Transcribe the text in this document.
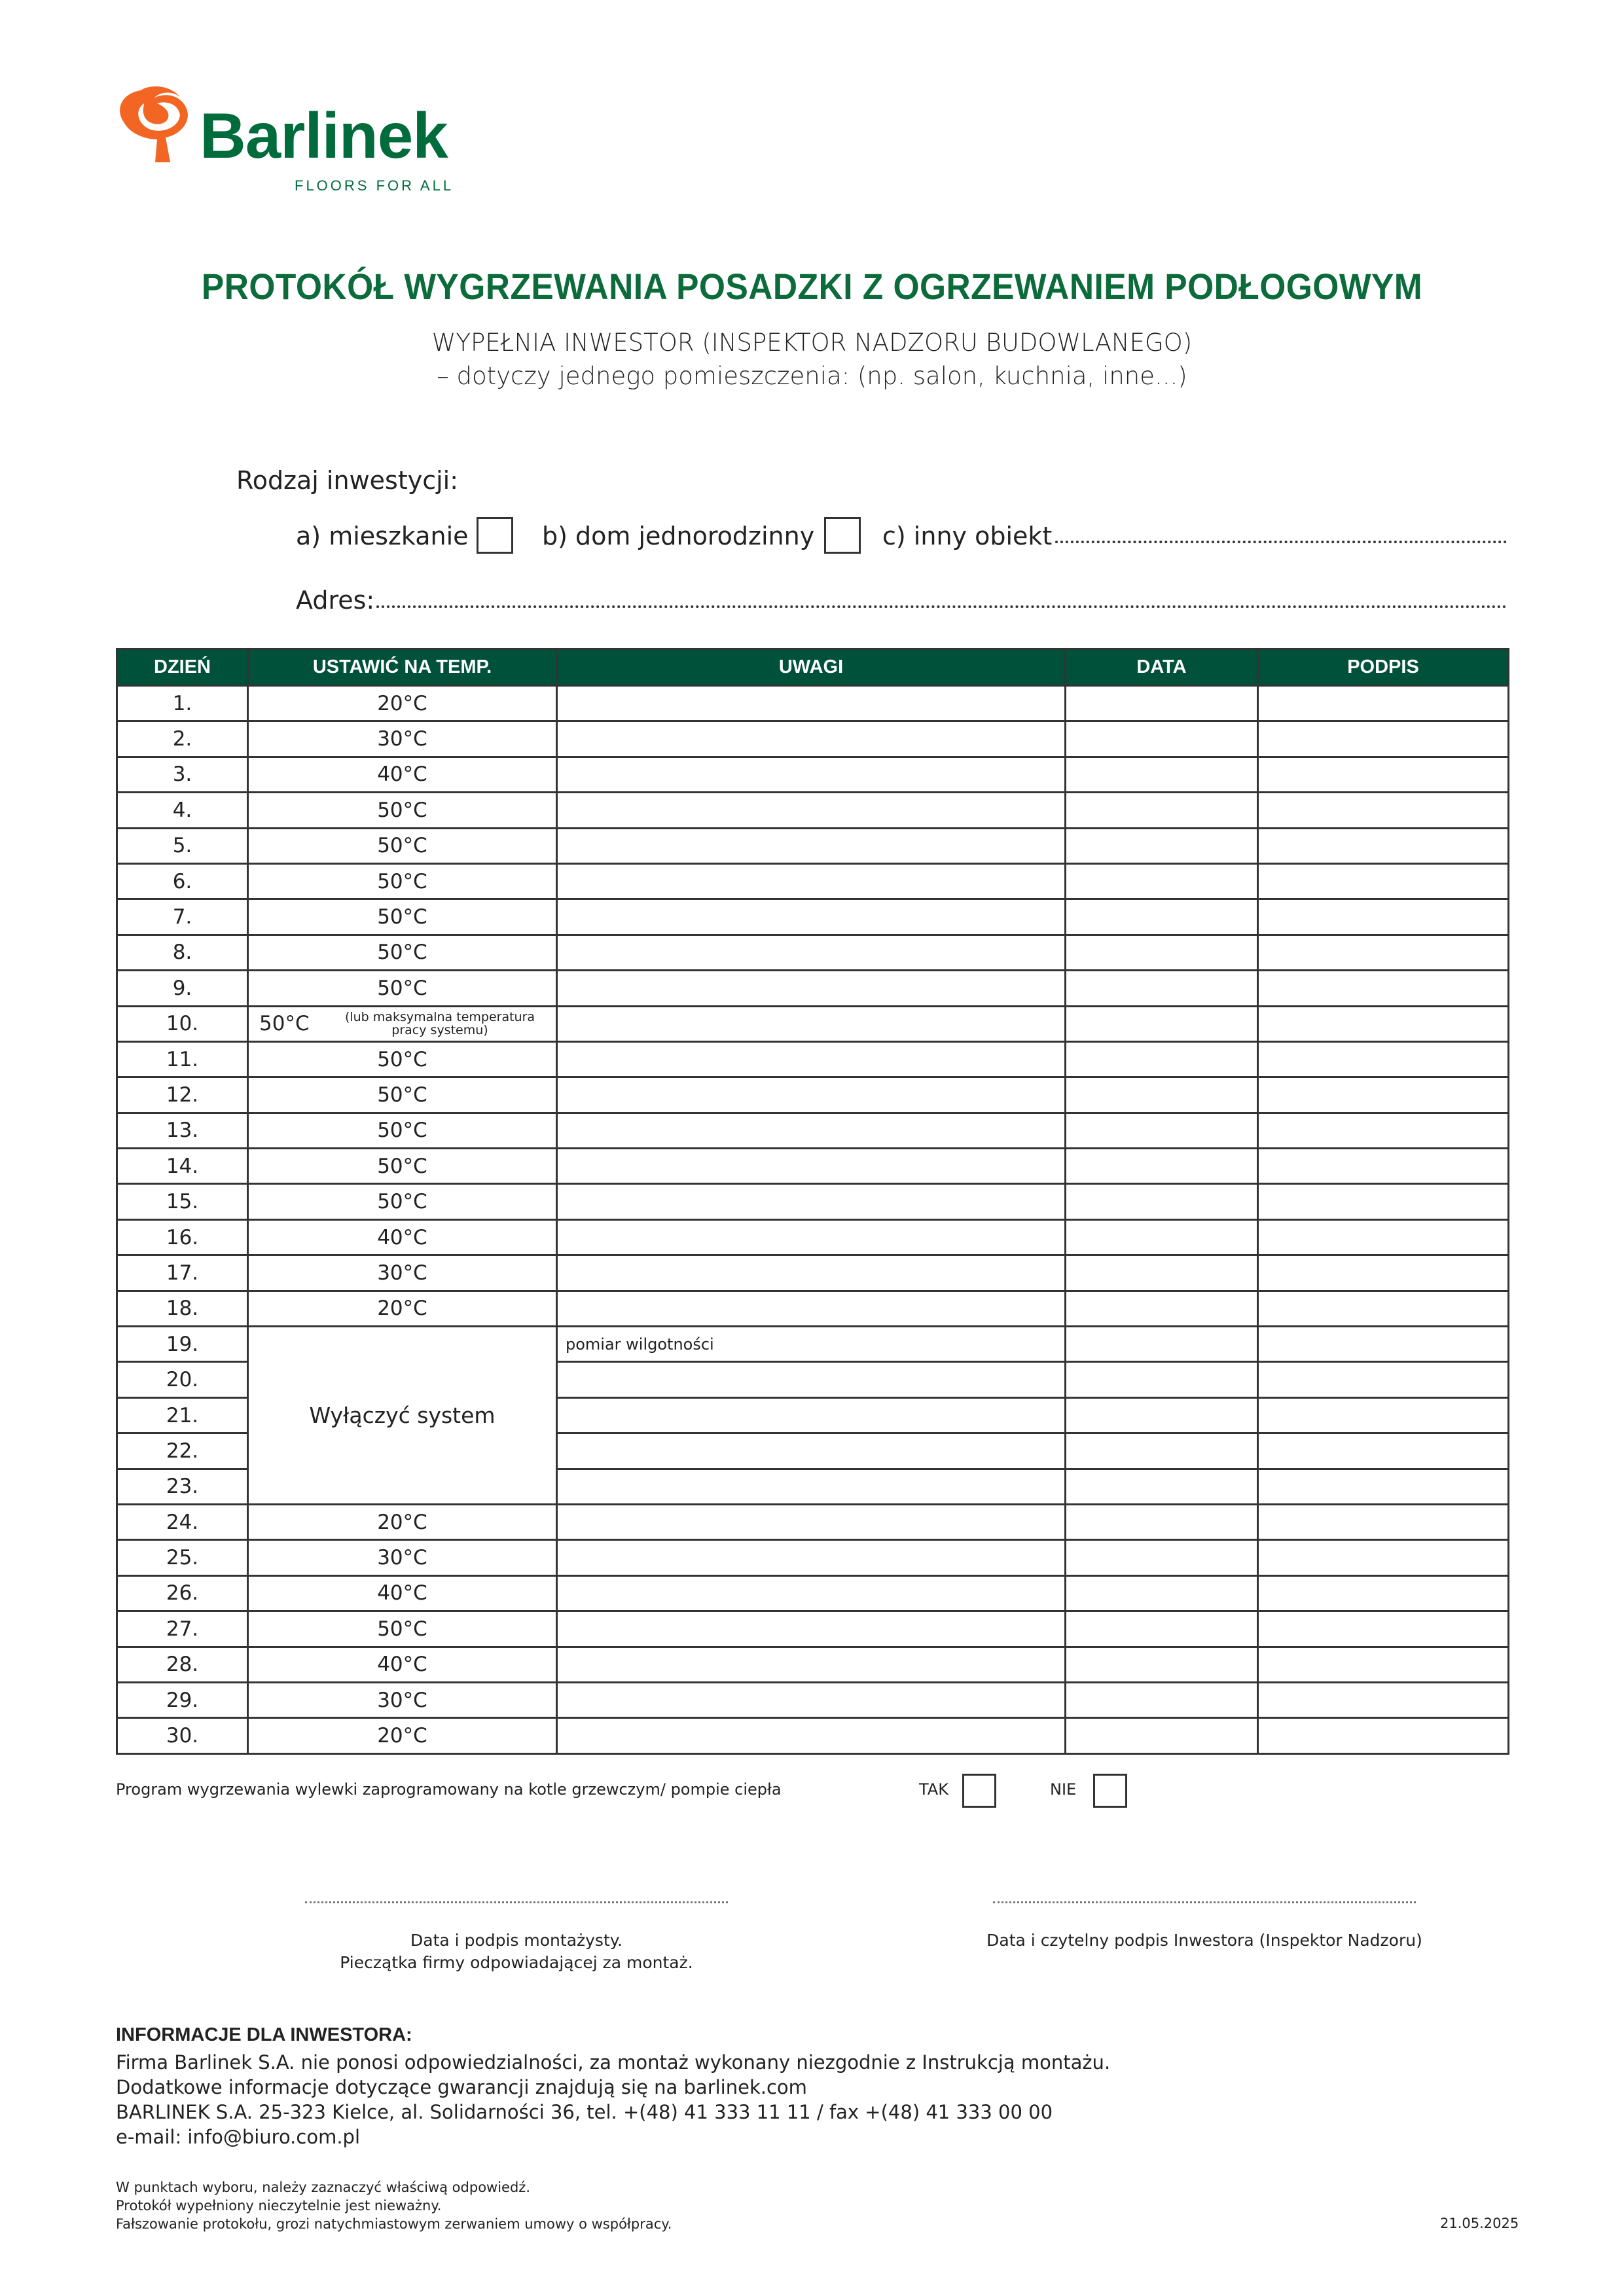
Barlinek
FLOORS FOR ALL
PROTOKÓŁ WYGRZEWANIA POSADZKI Z OGRZEWANIEM PODŁOGOWYM
WYPEŁNIA INWESTOR (INSPEKTOR NADZORU BUDOWLANEGO)
– dotyczy jednego pomieszczenia: (np. salon, kuchnia, inne...)
Rodzaj inwestycji:
a) mieszkanie	b) dom jednorodzinny	c) inny obiekt
Adres:
DZIEŃ	USTAWIĆ NA TEMP.	UWAGI	DATA	PODPIS
1.	20°C			
2.	30°C			
3.	40°C			
4.	50°C			
5.	50°C			
6.	50°C			
7.	50°C			
8.	50°C			
9.	50°C			
10.	50°C (lub maksymalna temperatura pracy systemu)			

11.	50°C			
12.	50°C			
13.	50°C			
14.	50°C			
15.	50°C			
16.	40°C			
17.	30°C			
18.	20°C			
19.	Wyłączyć system	pomiar wilgotności		
20.				
21.				
22.				
23.				
24.	20°C			
25.	30°C			
26.	40°C			
27.	50°C			
28.	40°C			
29.	30°C			
30.	20°C			
Program wygrzewania wylewki zaprogramowany na kotle grzewczym/ pompie ciepła	TAK	NIE
Data i podpis montażysty.
Pieczątka firmy odpowiadającej za montaż.
Data i czytelny podpis Inwestora (Inspektor Nadzoru)
INFORMACJE DLA INWESTORA:
Firma Barlinek S.A. nie ponosi odpowiedzialności, za montaż wykonany niezgodnie z Instrukcją montażu.
Dodatkowe informacje dotyczące gwarancji znajdują się na barlinek.com
BARLINEK S.A. 25-323 Kielce, al. Solidarności 36, tel. +(48) 41 333 11 11 / fax +(48) 41 333 00 00
e-mail: info@biuro.com.pl
W punktach wyboru, należy zaznaczyć właściwą odpowiedź.
Protokół wypełniony nieczytelnie jest nieważny.
Fałszowanie protokołu, grozi natychmiastowym zerwaniem umowy o współpracy.	21.05.2025
